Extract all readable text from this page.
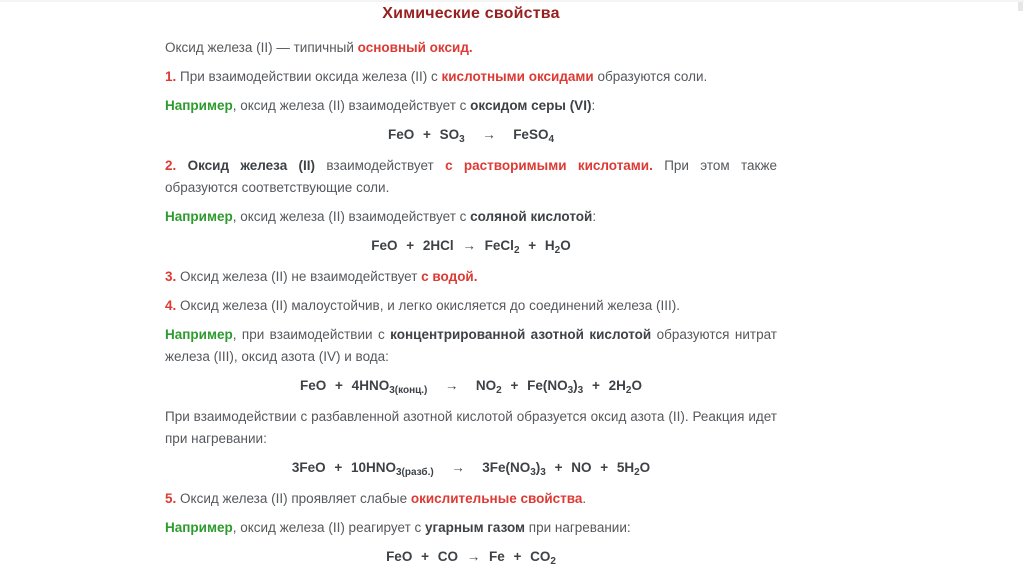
Химические свойства

Оксид железа (II) — типичный основный оксид.

1. При взаимодействии оксида железа (II) с кислотными оксидами образуются соли.

Например, оксид железа (II) взаимодействует с оксидом серы (VI):

FeO + $SO_3$  →  FeSO$_4$

2. Оксид железа (II) взаимодействует с растворимыми кислотами. При этом также образуются соответствующие соли.

Например, оксид железа (II) взаимодействует с соляной кислотой:

FeO + 2HCl → FeCl$_2$ + $H_2O$

3. Оксид железа (II) не взаимодействует с водой.

4. Оксид железа (II) малоустойчив, и легко окисляется до соединений железа (III).

Например, при взаимодействии с концентрированной азотной кислотой образуются нитрат железа (III), оксид азота (IV) и вода:

FeO + $4HNO_{3(конц.)} \to NO_2 + Fe(NO_3)_3 + 2H_2O$

При взаимодействии с разбавленной азотной кислотой образуется оксид азота (II). Реакция идет при нагревании:

$3FeO + 10HNO_{3(разб.)} \to 3Fe(NO_3)_3$ + NO + $5H_2O$

5. Оксид железа (II) проявляет слабые окислительные свойства.

Например, оксид железа (II) реагирует с угарным газом при нагревании:

FeO + CO → $Fe + CO_2$
